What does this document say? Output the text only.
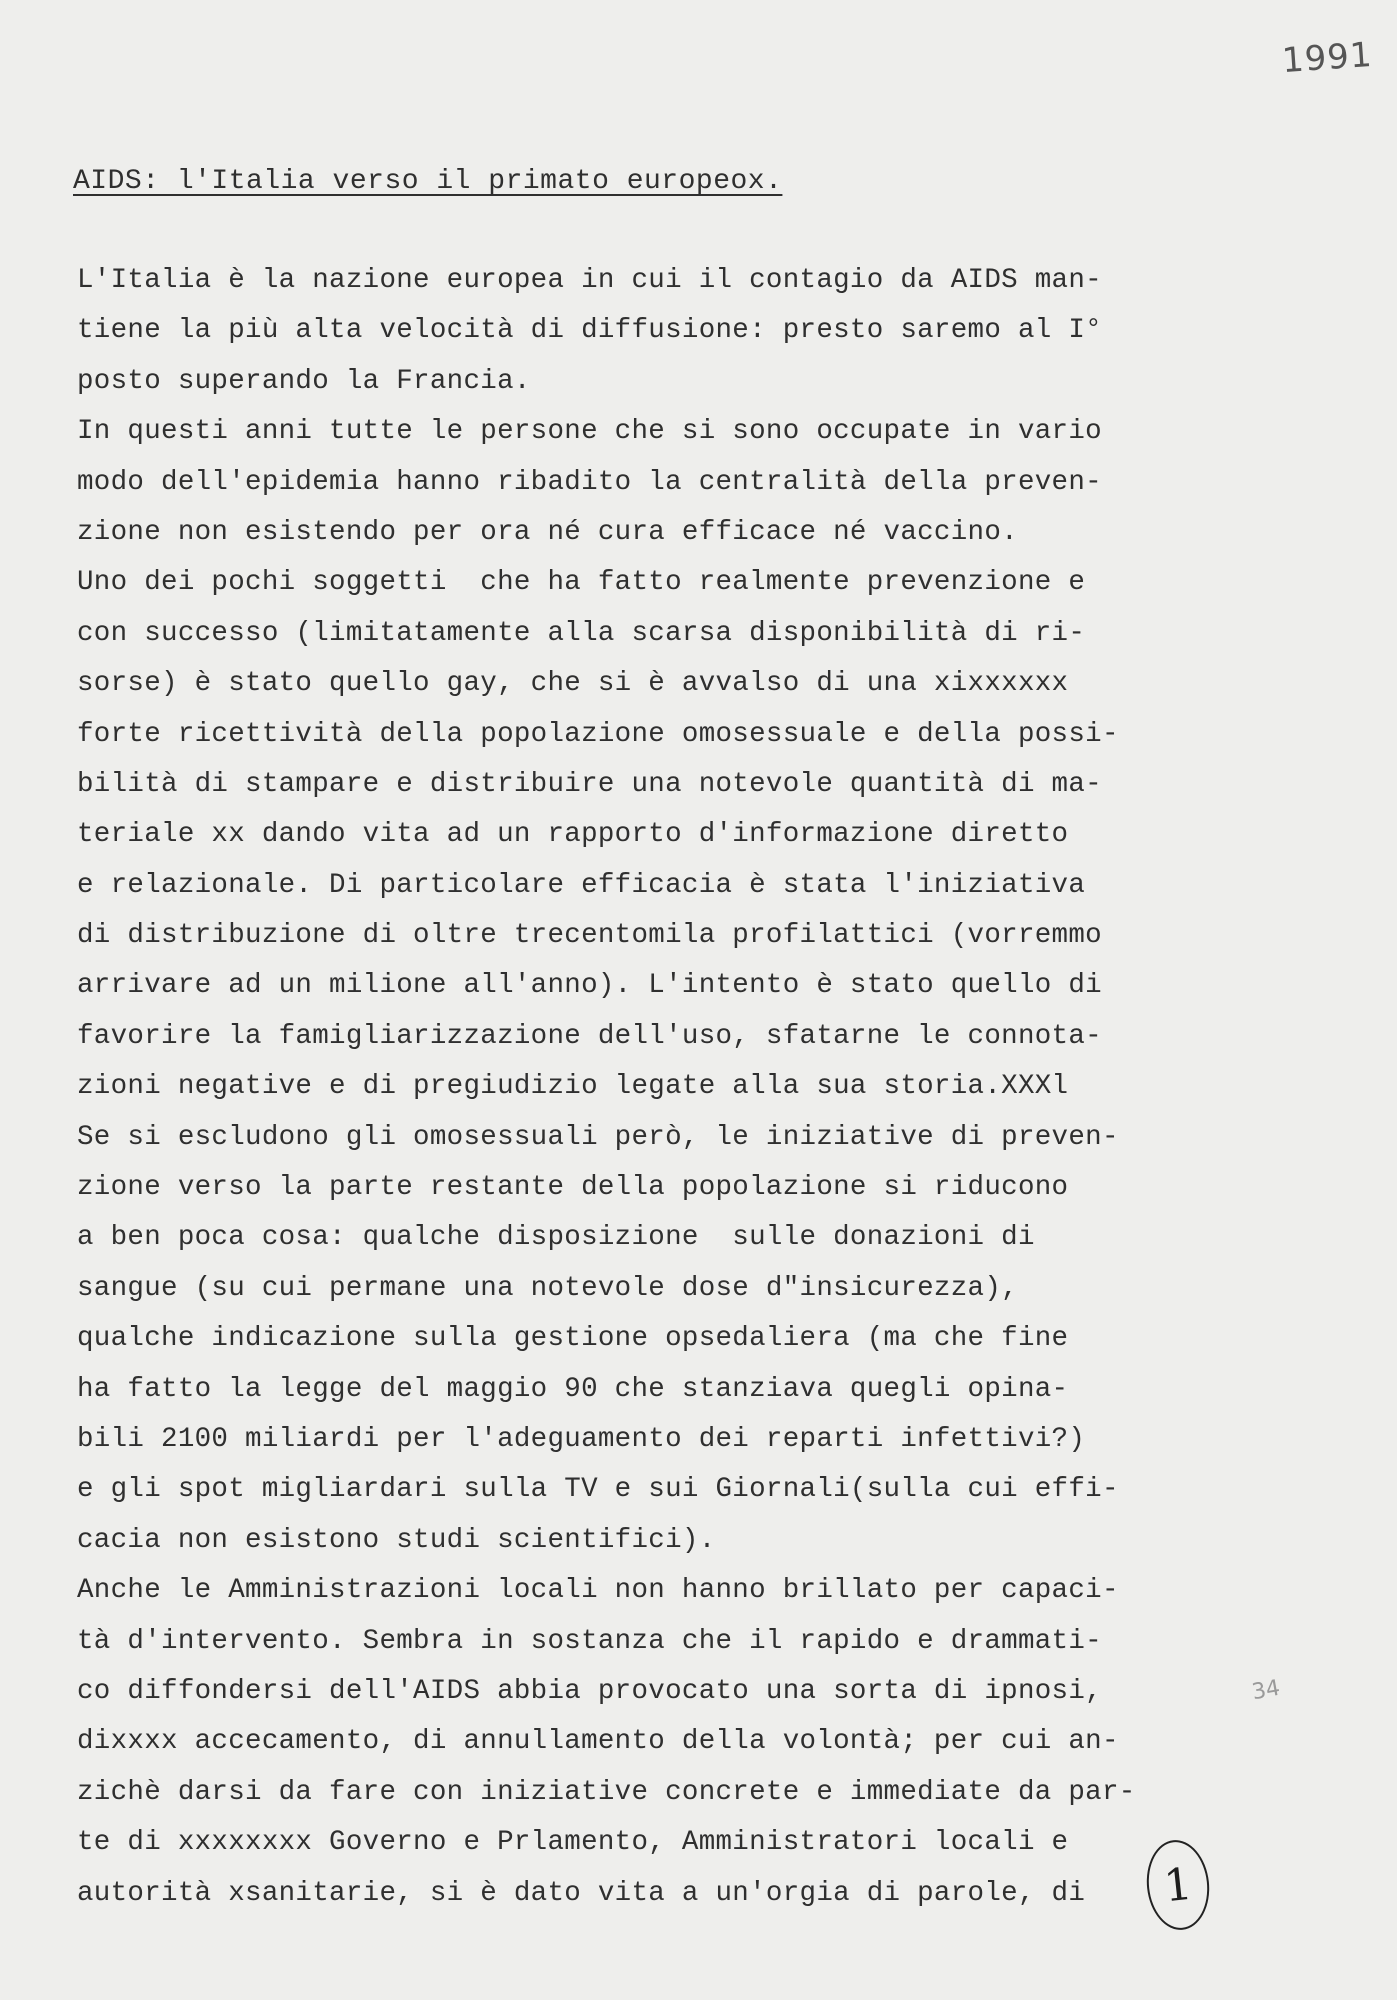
1991
AIDS: l'Italia verso il primato europeox.
L'Italia è la nazione europea in cui il contagio da AIDS man-
tiene la più alta velocità di diffusione: presto saremo al I°
posto superando la Francia.
In questi anni tutte le persone che si sono occupate in vario
modo dell'epidemia hanno ribadito la centralità della preven-
zione non esistendo per ora né cura efficace né vaccino.
Uno dei pochi soggetti  che ha fatto realmente prevenzione e
con successo (limitatamente alla scarsa disponibilità di ri-
sorse) è stato quello gay, che si è avvalso di una xixxxxxx
forte ricettività della popolazione omosessuale e della possi-
bilità di stampare e distribuire una notevole quantità di ma-
teriale xx dando vita ad un rapporto d'informazione diretto
e relazionale. Di particolare efficacia è stata l'iniziativa
di distribuzione di oltre trecentomila profilattici (vorremmo
arrivare ad un milione all'anno). L'intento è stato quello di
favorire la famigliarizzazione dell'uso, sfatarne le connota-
zioni negative e di pregiudizio legate alla sua storia.XXXl
Se si escludono gli omosessuali però, le iniziative di preven-
zione verso la parte restante della popolazione si riducono
a ben poca cosa: qualche disposizione  sulle donazioni di
sangue (su cui permane una notevole dose d"insicurezza),
qualche indicazione sulla gestione opsedaliera (ma che fine
ha fatto la legge del maggio 90 che stanziava quegli opina-
bili 2100 miliardi per l'adeguamento dei reparti infettivi?)
e gli spot migliardari sulla TV e sui Giornali(sulla cui effi-
cacia non esistono studi scientifici).
Anche le Amministrazioni locali non hanno brillato per capaci-
tà d'intervento. Sembra in sostanza che il rapido e drammati-
co diffondersi dell'AIDS abbia provocato una sorta di ipnosi,
dixxxx accecamento, di annullamento della volontà; per cui an-
zichè darsi da fare con iniziative concrete e immediate da par-
te di xxxxxxxx Governo e Prlamento, Amministratori locali e
autorità xsanitarie, si è dato vita a un'orgia di parole, di
34
1
